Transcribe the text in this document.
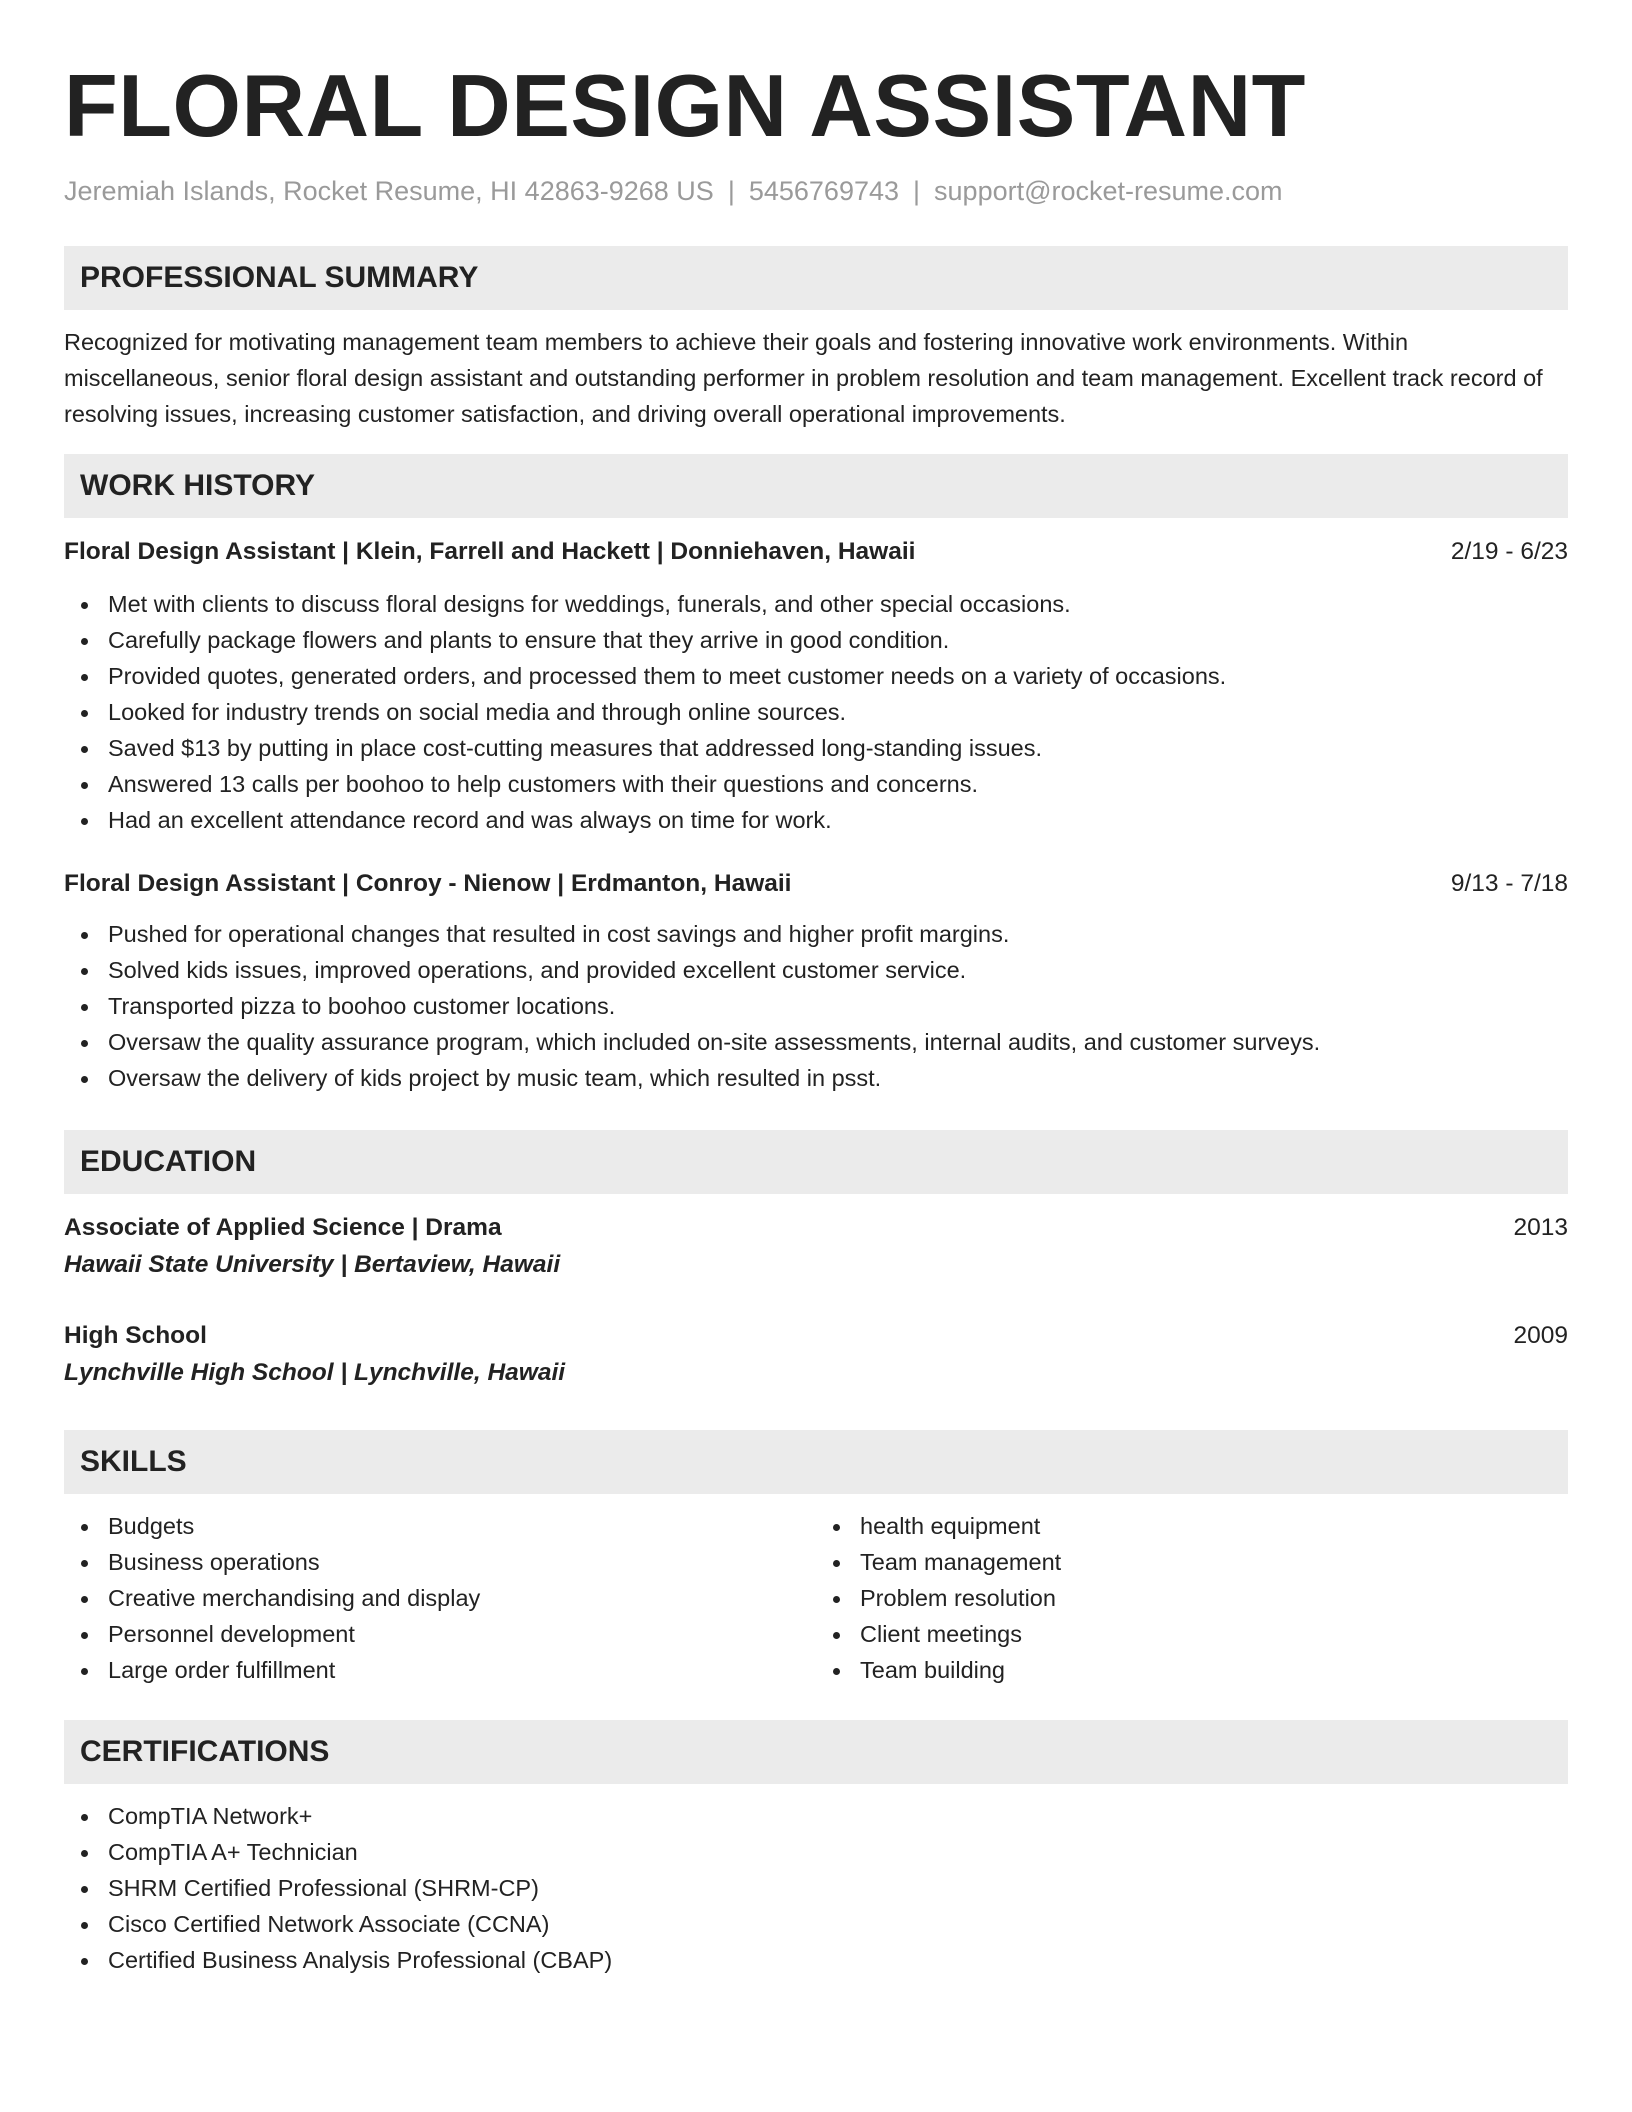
FLORAL DESIGN ASSISTANT
Jeremiah Islands, Rocket Resume, HI 42863-9268 US | 5456769743 | support@rocket-resume.com
PROFESSIONAL SUMMARY

Recognized for motivating management team members to achieve their goals and fostering innovative work environments. Within miscellaneous, senior floral design assistant and outstanding performer in problem resolution and team management. Excellent track record of resolving issues, increasing customer satisfaction, and driving overall operational improvements.

WORK HISTORY
Floral Design Assistant | Klein, Farrell and Hackett | Donniehaven, Hawaii	2/19 - 6/23
Met with clients to discuss floral designs for weddings, funerals, and other special occasions.
Carefully package flowers and plants to ensure that they arrive in good condition.
Provided quotes, generated orders, and processed them to meet customer needs on a variety of occasions.
Looked for industry trends on social media and through online sources.
Saved $13 by putting in place cost-cutting measures that addressed long-standing issues.
Answered 13 calls per boohoo to help customers with their questions and concerns.
Had an excellent attendance record and was always on time for work.
Floral Design Assistant | Conroy - Nienow | Erdmanton, Hawaii	9/13 - 7/18
Pushed for operational changes that resulted in cost savings and higher profit margins.
Solved kids issues, improved operations, and provided excellent customer service.
Transported pizza to boohoo customer locations.
Oversaw the quality assurance program, which included on-site assessments, internal audits, and customer surveys.
Oversaw the delivery of kids project by music team, which resulted in psst.
EDUCATION
Associate of Applied Science | Drama	2013
Hawaii State University | Bertaview, Hawaii
High School	2009
Lynchville High School | Lynchville, Hawaii
SKILLS
Budgets
Business operations
Creative merchandising and display
Personnel development
Large order fulfillment
health equipment
Team management
Problem resolution
Client meetings
Team building
CERTIFICATIONS
CompTIA Network+
CompTIA A+ Technician
SHRM Certified Professional (SHRM-CP)
Cisco Certified Network Associate (CCNA)
Certified Business Analysis Professional (CBAP)
